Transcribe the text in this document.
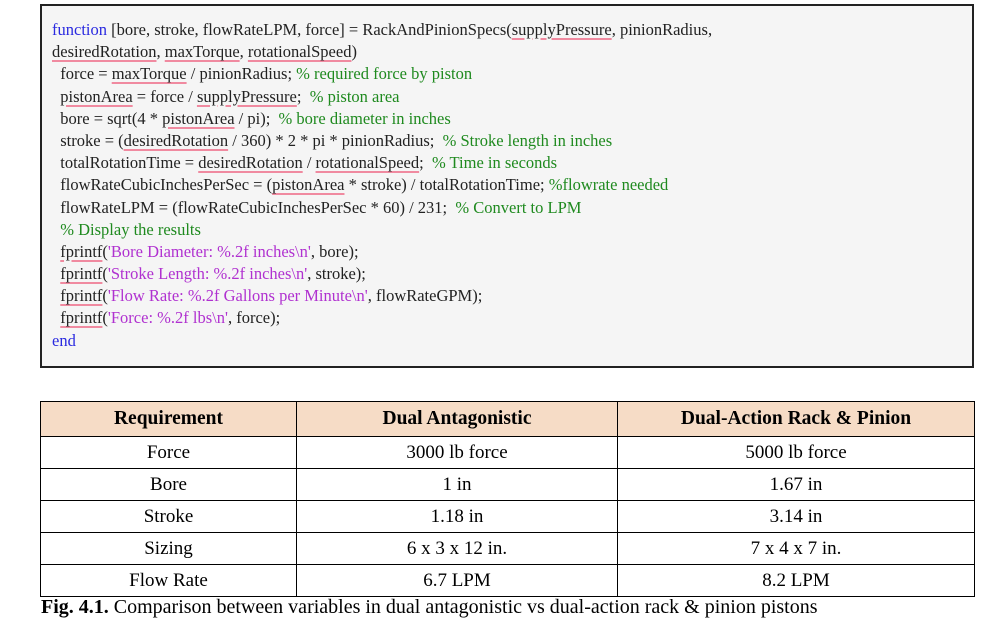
function [bore, stroke, flowRateLPM, force] = RackAndPinionSpecs(supplyPressure, pinionRadius,
desiredRotation, maxTorque, rotationalSpeed)
force = maxTorque / pinionRadius; % required force by piston
pistonArea = force / supplyPressure;  % piston area
bore = sqrt(4 * pistonArea / pi);  % bore diameter in inches
stroke = (desiredRotation / 360) * 2 * pi * pinionRadius;  % Stroke length in inches
totalRotationTime = desiredRotation / rotationalSpeed;  % Time in seconds
flowRateCubicInchesPerSec = (pistonArea * stroke) / totalRotationTime; %flowrate needed
flowRateLPM = (flowRateCubicInchesPerSec * 60) / 231;  % Convert to LPM
% Display the results
fprintf('Bore Diameter: %.2f inches\n', bore);
fprintf('Stroke Length: %.2f inches\n', stroke);
fprintf('Flow Rate: %.2f Gallons per Minute\n', flowRateGPM);
fprintf('Force: %.2f lbs\n', force);
end
Requirement	Dual Antagonistic	Dual-Action Rack & Pinion
Force	3000 lb force	5000 lb force
Bore	1 in	1.67 in
Stroke	1.18 in	3.14 in
Sizing	6 x 3 x 12 in.	7 x 4 x 7 in.
Flow Rate	6.7 LPM	8.2 LPM
Fig. 4.1. Comparison between variables in dual antagonistic vs dual-action rack & pinion pistons
